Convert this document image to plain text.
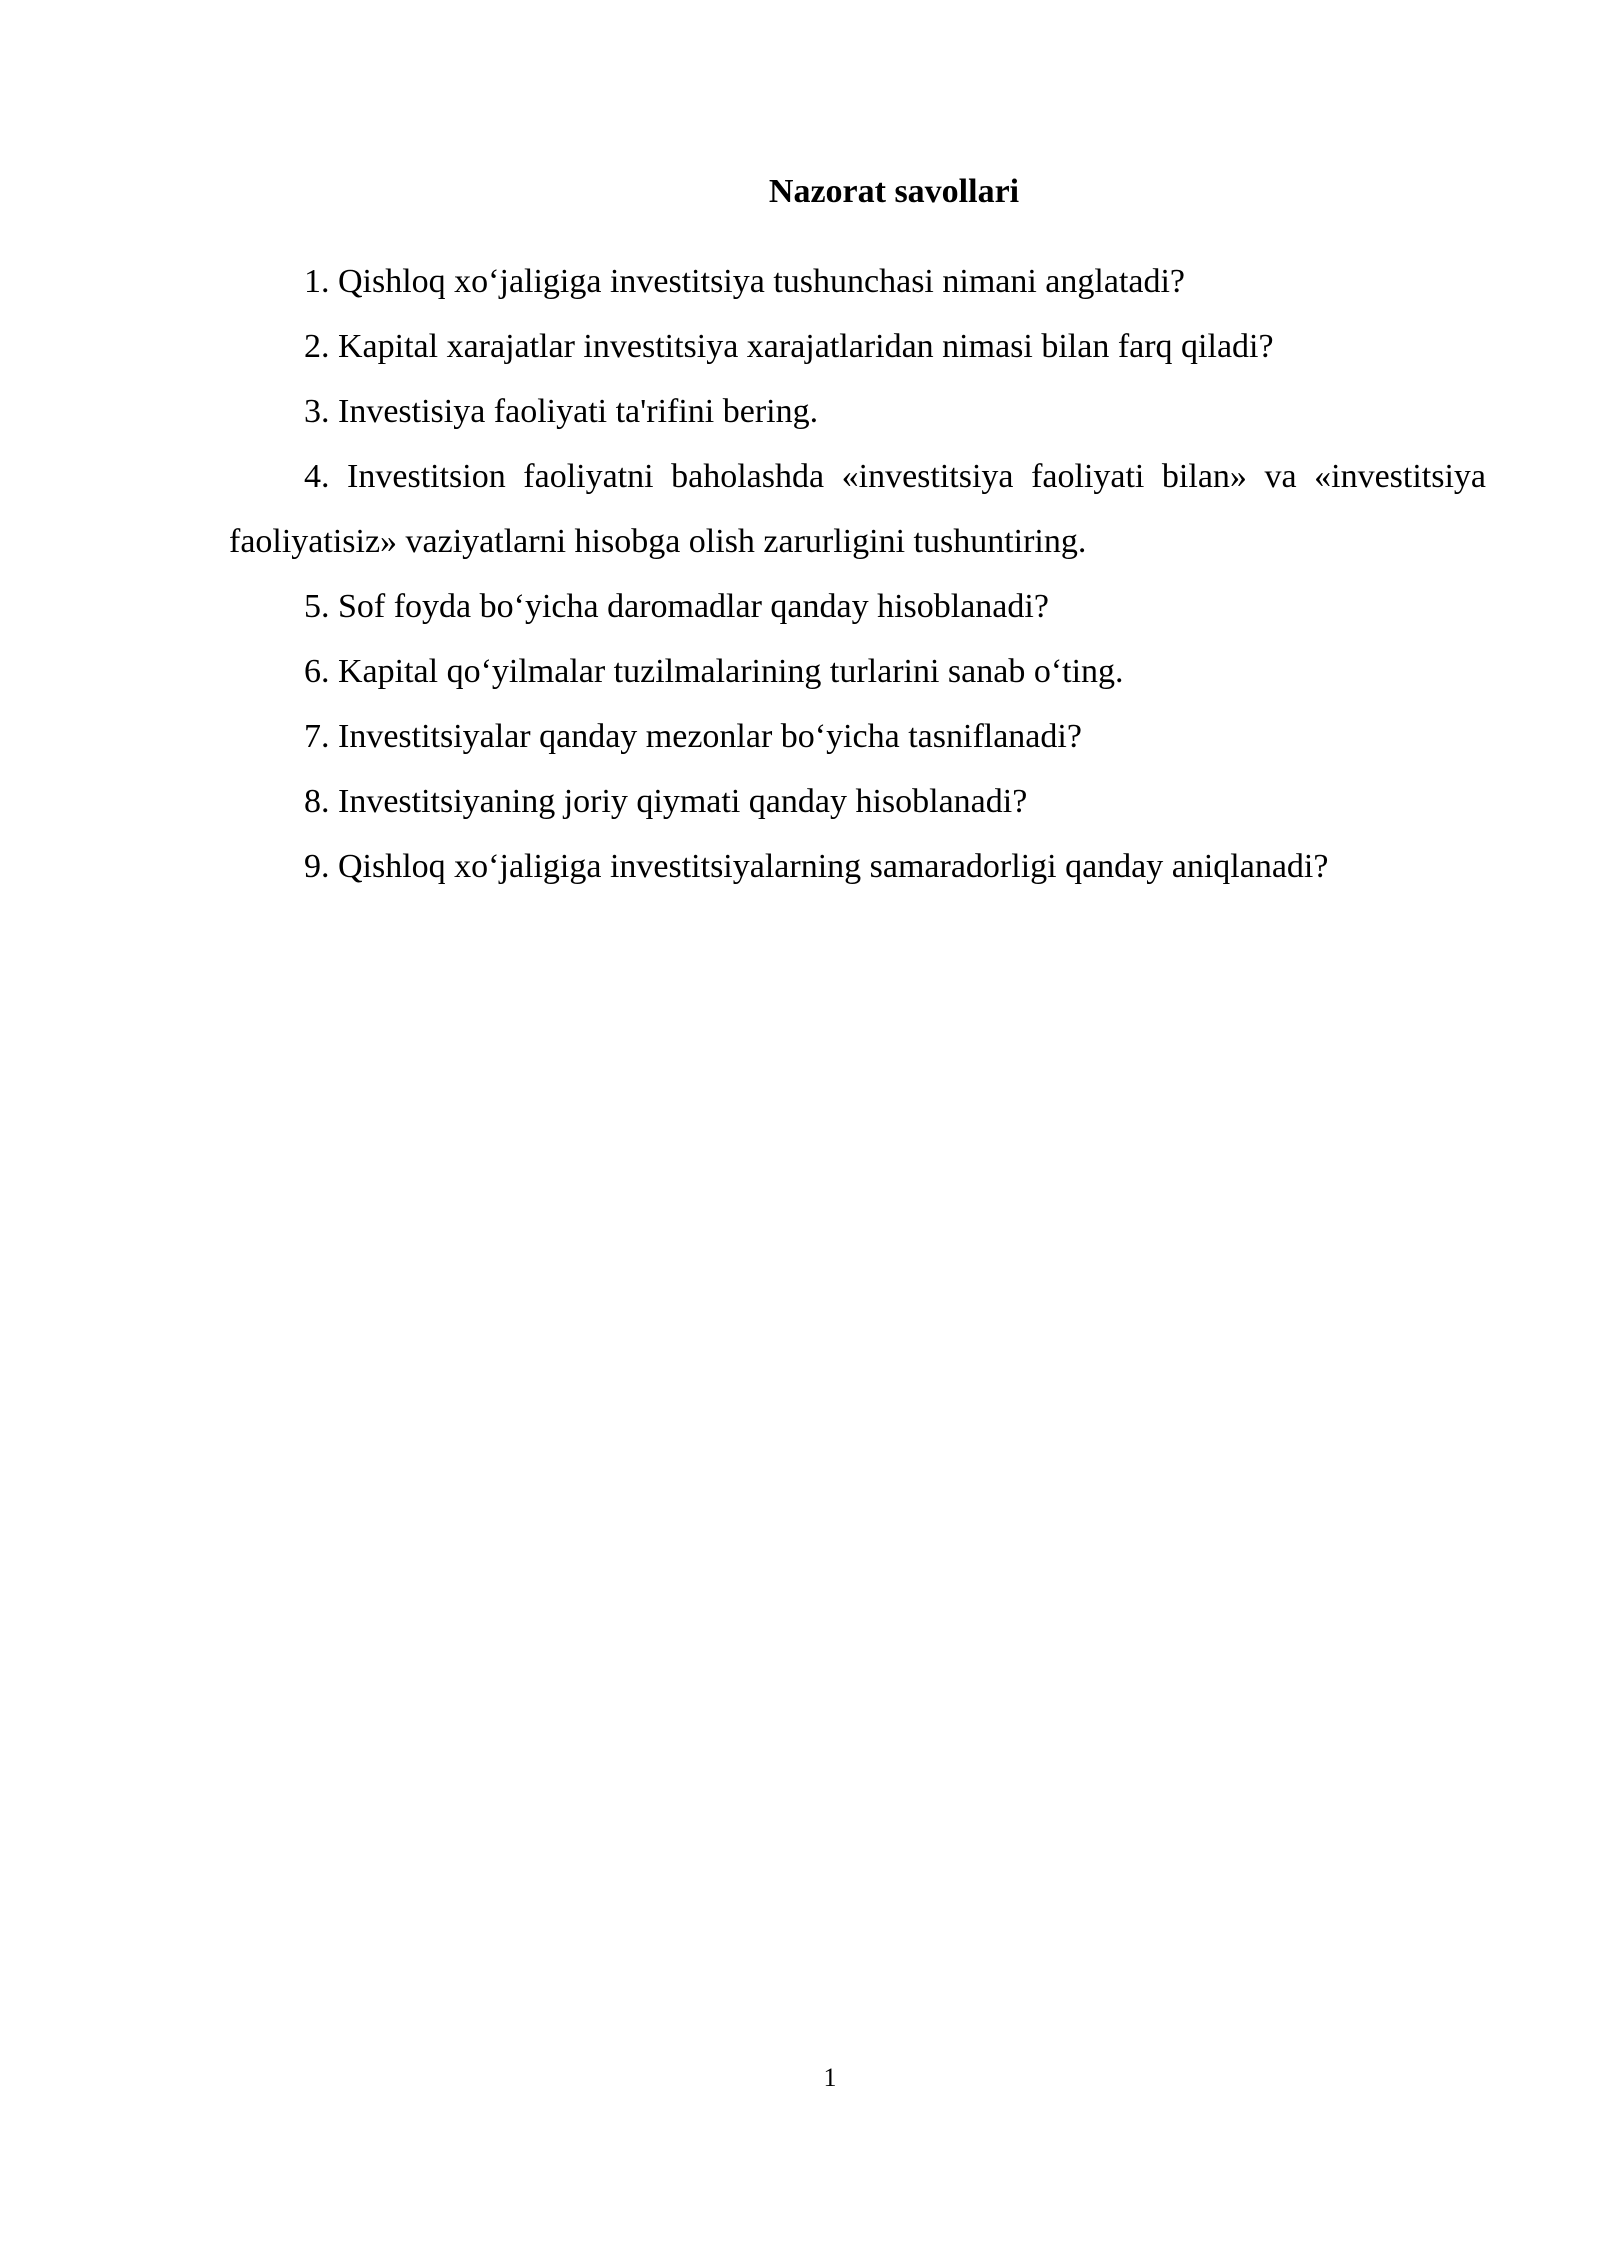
Nazorat savollari
1. Qishloq xo‘jaligiga investitsiya tushunchasi nimani anglatadi?
2. Kapital xarajatlar investitsiya xarajatlaridan nimasi bilan farq qiladi?
3. Investisiya faoliyati ta'rifini bering.
4. Investitsion faoliyatni baholashda «investitsiya faoliyati bilan» va «investitsiya faoliyatisiz» vaziyatlarni hisobga olish zarurligini tushuntiring.
5. Sof foyda bo‘yicha daromadlar qanday hisoblanadi?
6. Kapital qo‘yilmalar tuzilmalarining turlarini sanab o‘ting.
7. Investitsiyalar qanday mezonlar bo‘yicha tasniflanadi?
8. Investitsiyaning joriy qiymati qanday hisoblanadi?
9. Qishloq xo‘jaligiga investitsiyalarning samaradorligi qanday aniqlanadi?
1
